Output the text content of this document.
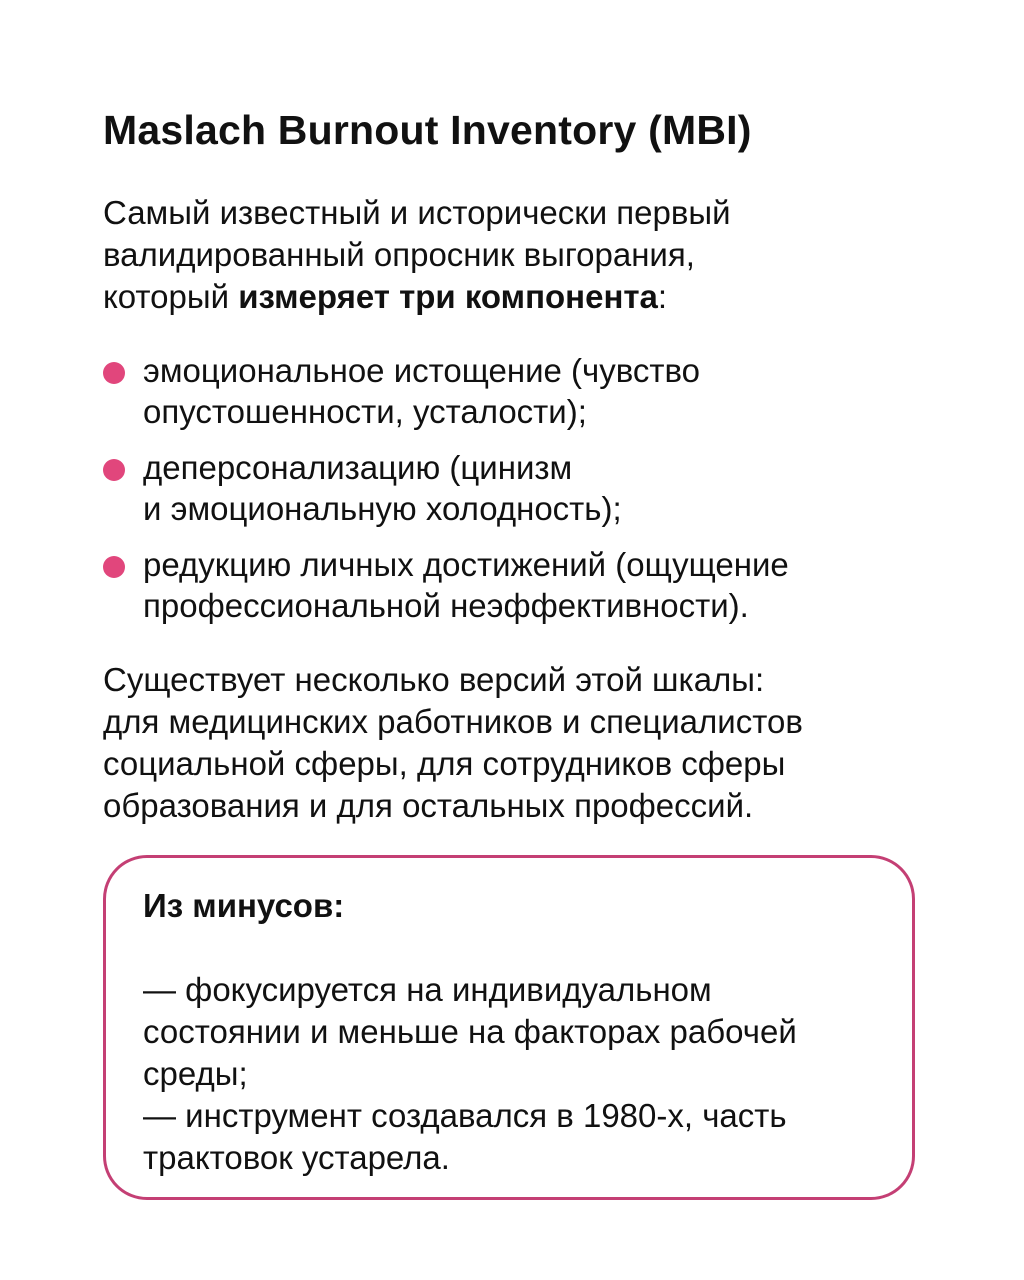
Maslach Burnout Inventory (MBI)

Самый известный и исторически первый
валидированный опросник выгорания,
который измеряет три компонента:

эмоциональное истощение (чувство
опустошенности, усталости);
деперсонализацию (цинизм
и эмоциональную холодность);
редукцию личных достижений (ощущение
профессиональной неэффективности).

Существует несколько версий этой шкалы:
для медицинских работников и специалистов
социальной сферы, для сотрудников сферы
образования и для остальных профессий.

Из минусов:
— фокусируется на индивидуальном
состоянии и меньше на факторах рабочей
среды;
— инструмент создавался в 1980-х, часть
трактовок устарела.
